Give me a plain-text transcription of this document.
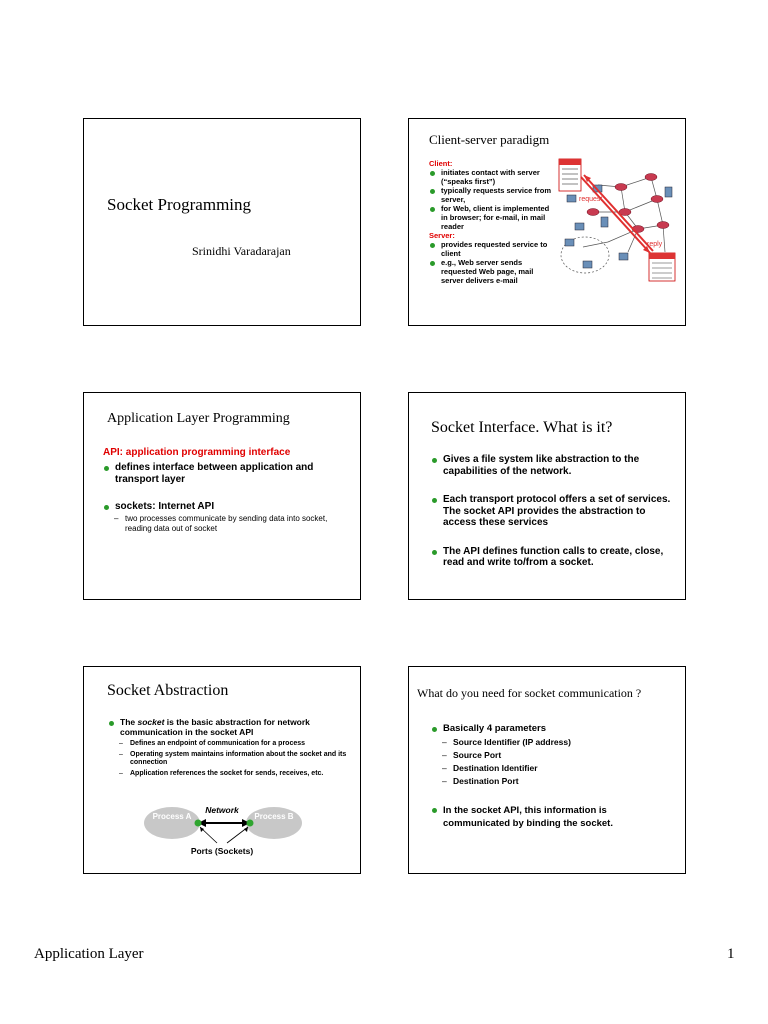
Socket Programming
Srinidhi Varadarajan
Client-server paradigm
Client:
initiates contact with server (“speaks first”)
typically requests service from server,
for Web, client is implemented in browser; for e-mail, in mail reader
Server:
provides requested service to client
e.g., Web server sends requested Web page, mail server delivers e-mail
request
reply
Application Layer Programming
API: application programming interface
defines interface between application and transport layer
sockets: Internet API
– two processes communicate by sending data into socket, reading data out of socket
Socket Interface. What is it?
Gives a file system like abstraction to the capabilities of the network.
Each transport protocol offers a set of services. The socket API provides the abstraction to access these services
The API defines function calls to create, close, read and write to/from a socket.
Socket Abstraction
The socket is the basic abstraction for network communication in the socket API
– Defines an endpoint of communication for a process
– Operating system maintains information about the socket and its connection
– Application references the socket for sends, receives, etc.
Process A	Process B
Network
Ports (Sockets)
What do you need for socket communication ?
Basically 4 parameters
– Source Identifier (IP address)
– Source Port
– Destination Identifier
– Destination Port
In the socket API, this information is communicated by binding the socket.
Application Layer	1
